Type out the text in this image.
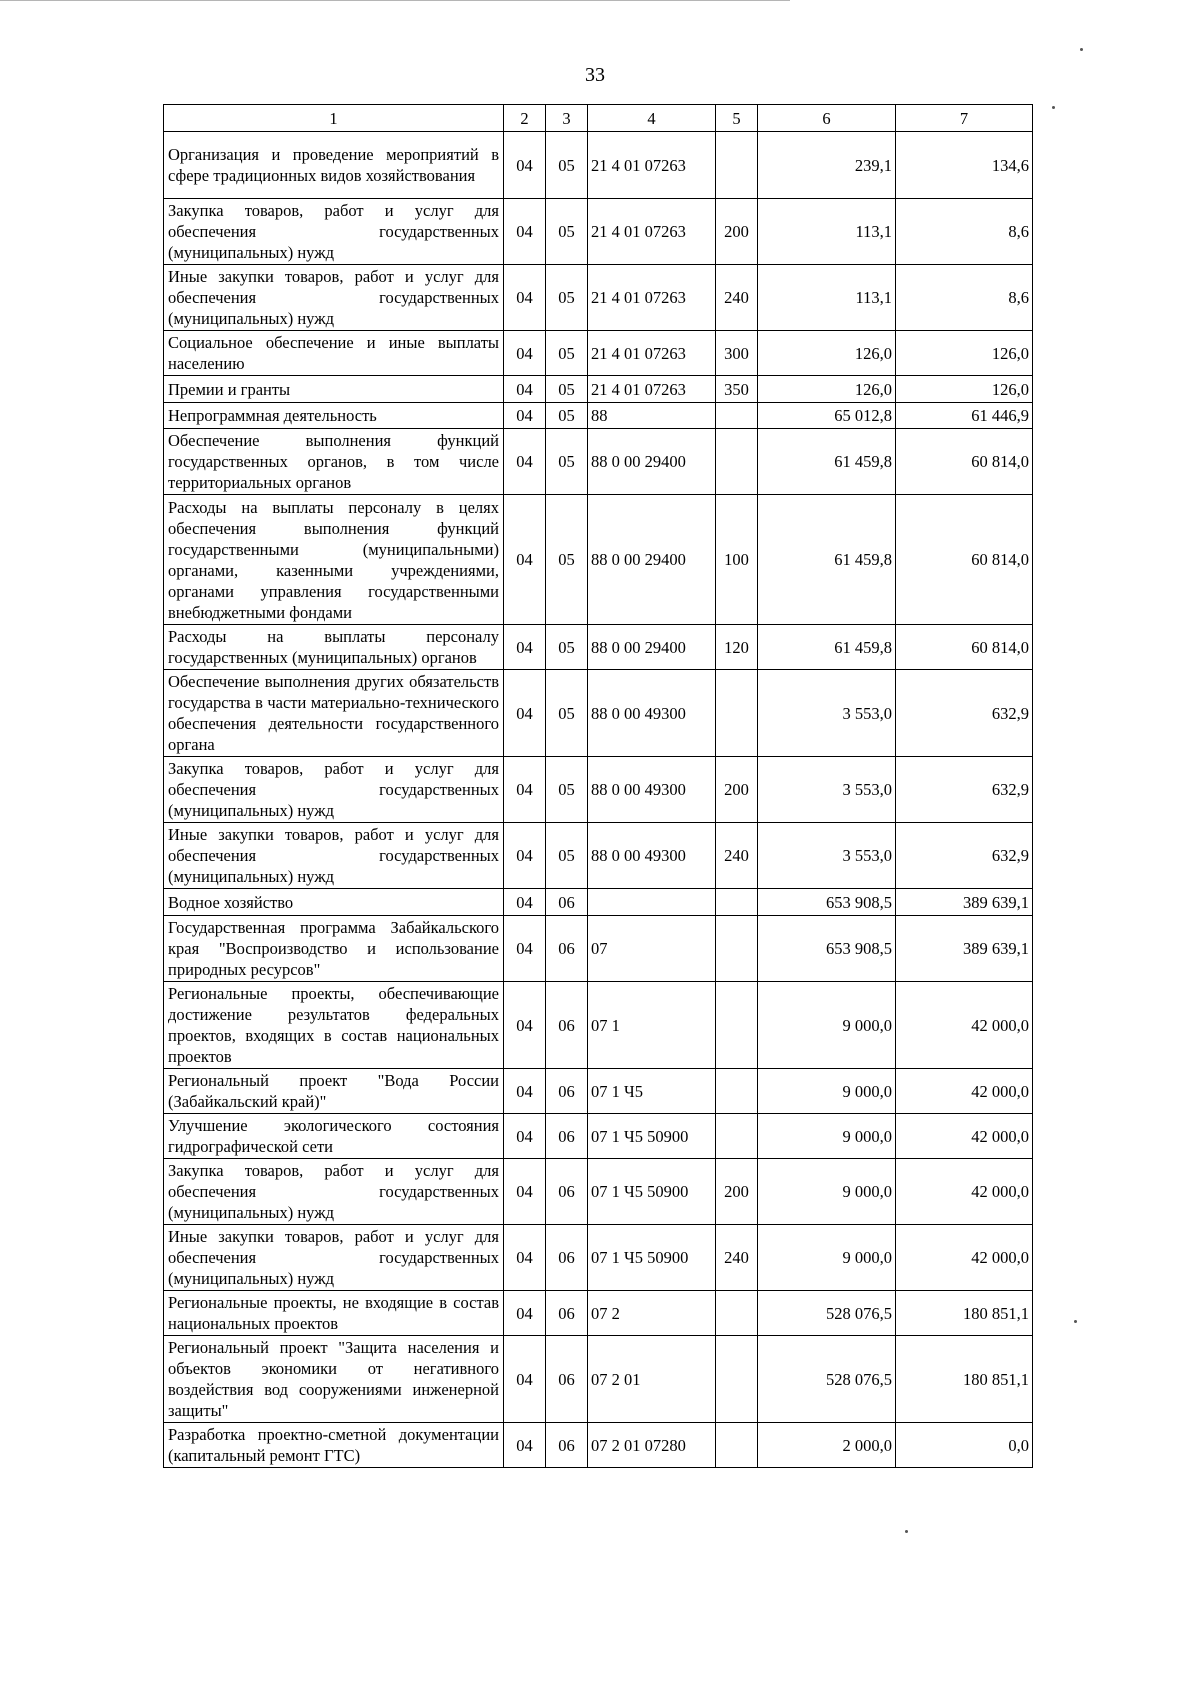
33
1	2	3	4	5	6	7
Организация и проведение мероприятий в сфере традиционных видов хозяйствования	04	05	21 4 01 07263		239,1	134,6
Закупка товаров, работ и услуг для обеспечения государственных (муниципальных) нужд	04	05	21 4 01 07263	200	113,1	8,6
Иные закупки товаров, работ и услуг для обеспечения государственных (муниципальных) нужд	04	05	21 4 01 07263	240	113,1	8,6
Социальное обеспечение и иные выплаты населению	04	05	21 4 01 07263	300	126,0	126,0
Премии и гранты	04	05	21 4 01 07263	350	126,0	126,0
Непрограммная деятельность	04	05	88		65 012,8	61 446,9
Обеспечение выполнения функций государственных органов, в том числе территориальных органов	04	05	88 0 00 29400		61 459,8	60 814,0
Расходы на выплаты персоналу в целях обеспечения выполнения функций государственными (муниципальными) органами, казенными учреждениями, органами управления государственными внебюджетными фондами	04	05	88 0 00 29400	100	61 459,8	60 814,0
Расходы на выплаты персоналу государственных (муниципальных) органов	04	05	88 0 00 29400	120	61 459,8	60 814,0
Обеспечение выполнения других обязательств государства в части материально-технического обеспечения деятельности государственного органа	04	05	88 0 00 49300		3 553,0	632,9
Закупка товаров, работ и услуг для обеспечения государственных (муниципальных) нужд	04	05	88 0 00 49300	200	3 553,0	632,9
Иные закупки товаров, работ и услуг для обеспечения государственных (муниципальных) нужд	04	05	88 0 00 49300	240	3 553,0	632,9
Водное хозяйство	04	06			653 908,5	389 639,1
Государственная программа Забайкальского края "Воспроизводство и использование природных ресурсов"	04	06	07		653 908,5	389 639,1
Региональные проекты, обеспечивающие достижение результатов федеральных проектов, входящих в состав национальных проектов	04	06	07 1		9 000,0	42 000,0
Региональный проект "Вода России (Забайкальский край)"	04	06	07 1 Ч5		9 000,0	42 000,0
Улучшение экологического состояния гидрографической сети	04	06	07 1 Ч5 50900		9 000,0	42 000,0
Закупка товаров, работ и услуг для обеспечения государственных (муниципальных) нужд	04	06	07 1 Ч5 50900	200	9 000,0	42 000,0
Иные закупки товаров, работ и услуг для обеспечения государственных (муниципальных) нужд	04	06	07 1 Ч5 50900	240	9 000,0	42 000,0
Региональные проекты, не входящие в состав национальных проектов	04	06	07 2		528 076,5	180 851,1
Региональный проект "Защита населения и объектов экономики от негативного воздействия вод сооружениями инженерной защиты"	04	06	07 2 01		528 076,5	180 851,1
Разработка проектно-сметной документации (капитальный ремонт ГТС)	04	06	07 2 01 07280		2 000,0	0,0
